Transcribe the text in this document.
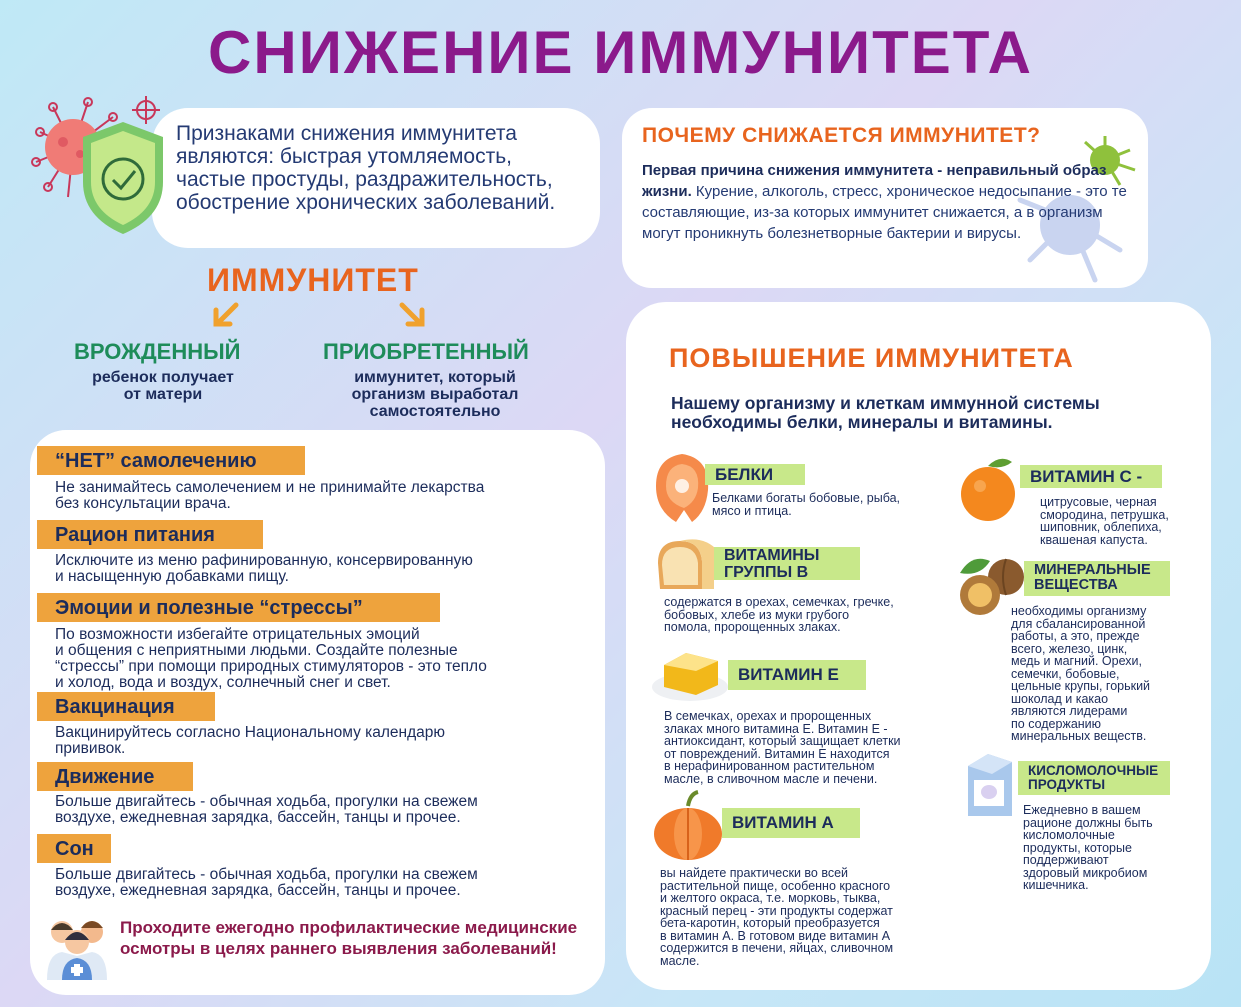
СНИЖЕНИЕ ИММУНИТЕТА
Признаками снижения иммунитета являются: быстрая утомляемость, частые простуды, раздражительность, обострение хронических заболеваний.
ПОЧЕМУ СНИЖАЕТСЯ ИММУНИТЕТ?
Первая причина снижения иммунитета - неправильный образ жизни. Курение, алкоголь, стресс, хроническое недосыпание - это те составляющие, из-за которых иммунитет снижается, а в организм могут проникнуть болезнетворные бактерии и вирусы.
ИММУНИТЕТ
ВРОЖДЕННЫЙ
ребенок получает
от матери
ПРИОБРЕТЕННЫЙ
иммунитет, который
организм выработал
самостоятельно
“НЕТ” самолечению
Не занимайтесь самолечением и не принимайте лекарства
без консультации врача.
Рацион питания
Исключите из меню рафинированную, консервированную
и насыщенную добавками пищу.
Эмоции и полезные “стрессы”
По возможности избегайте отрицательных эмоций
и общения с неприятными людьми. Создайте полезные
“стрессы” при помощи природных стимуляторов - это тепло
и холод, вода и воздух, солнечный снег и свет.
Вакцинация
Вакцинируйтесь согласно Национальному календарю
прививок.
Движение
Больше двигайтесь - обычная ходьба, прогулки на свежем
воздухе, ежедневная зарядка, бассейн, танцы и прочее.
Сон
Больше двигайтесь - обычная ходьба, прогулки на свежем
воздухе, ежедневная зарядка, бассейн, танцы и прочее.
Проходите ежегодно профилактические медицинские осмотры в целях раннего выявления заболеваний!
ПОВЫШЕНИЕ ИММУНИТЕТА
Нашему организму и клеткам иммунной системы необходимы белки, минералы и витамины.
БЕЛКИ
Белками богаты бобовые, рыба,
мясо и птица.
ВИТАМИНЫ
ГРУППЫ В
содержатся в орехах, семечках, гречке,
бобовых, хлебе из муки грубого
помола, пророщенных злаках.
ВИТАМИН Е
В семечках, орехах и пророщенных
злаках много витамина Е. Витамин Е -
антиоксидант, который защищает клетки
от повреждений. Витамин Е находится
в нерафинированном растительном
масле, в сливочном масле и печени.
ВИТАМИН А
вы найдете практически во всей
растительной пище, особенно красного
и желтого окраса, т.е. морковь, тыква,
красный перец - эти продукты содержат
бета-каротин, который преобразуется
в витамин А. В готовом виде витамин А
содержится в печени, яйцах, сливочном
масле.
ВИТАМИН С -
цитрусовые, черная
смородина, петрушка,
шиповник, облепиха,
квашеная капуста.
МИНЕРАЛЬНЫЕ
ВЕЩЕСТВА
необходимы организму
для сбалансированной
работы, а это, прежде
всего, железо, цинк,
медь и магний. Орехи,
семечки, бобовые,
цельные крупы, горький
шоколад и какао
являются лидерами
по содержанию
минеральных веществ.
КИСЛОМОЛОЧНЫЕ
ПРОДУКТЫ
Ежедневно в вашем
рационе должны быть
кисломолочные
продукты, которые
поддерживают
здоровый микробиом
кишечника.
